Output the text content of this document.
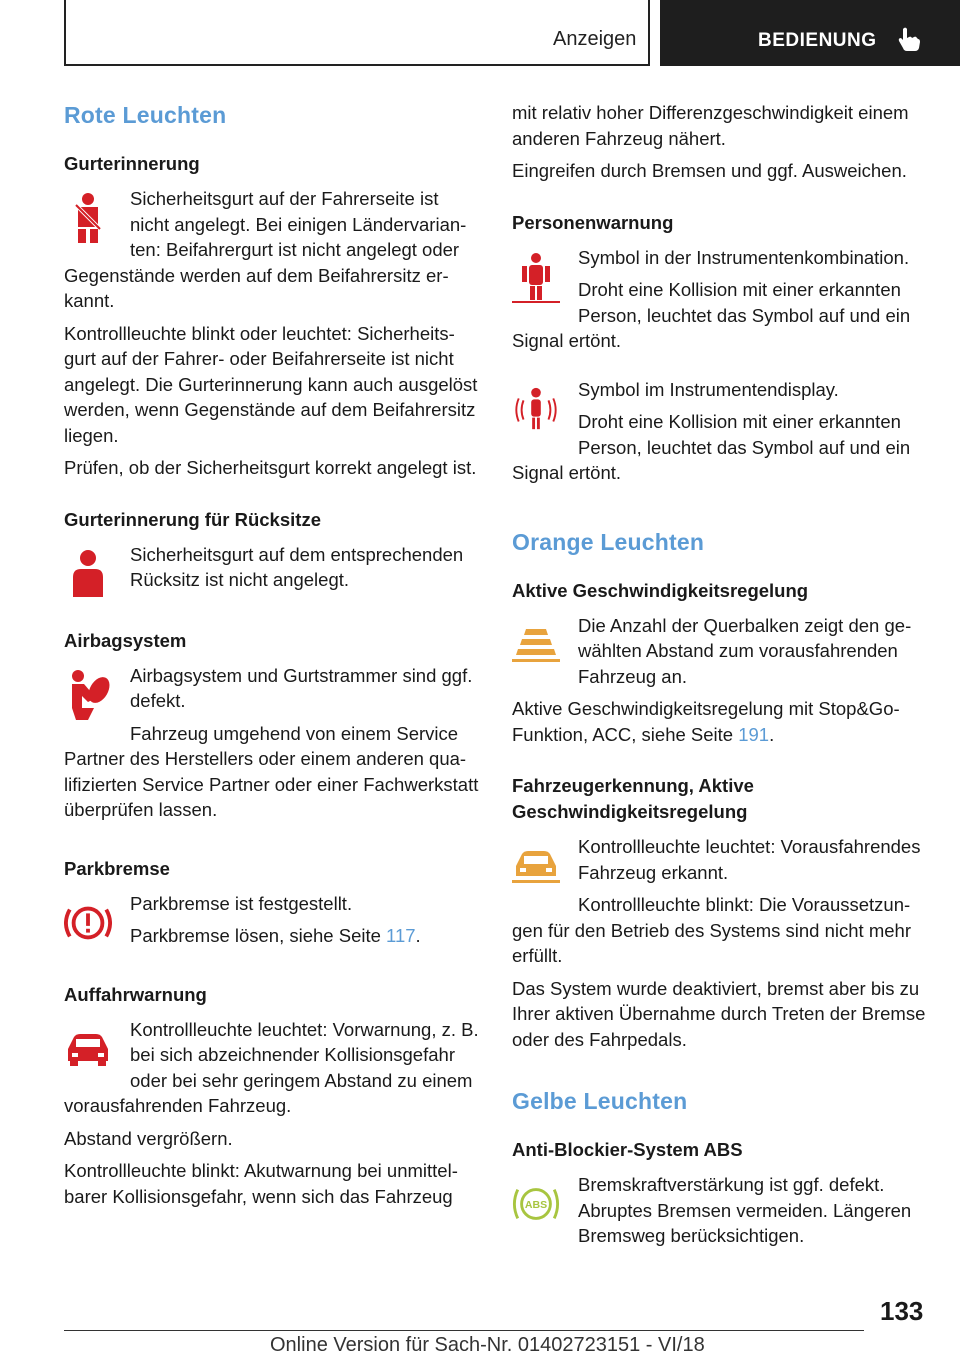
Anzeigen	BEDIENUNG
Rote Leuchten
Gurterinnerung

Sicherheitsgurt auf der Fahrerseite ist nicht angelegt. Bei einigen Ländervarianten: Beifahrergurt ist nicht angelegt oder Gegenstände werden auf dem Beifahrersitz erkannt.

Kontrollleuchte blinkt oder leuchtet: Sicherheitsgurt auf der Fahrer- oder Beifahrerseite ist nicht angelegt. Die Gurterinnerung kann auch ausgelöst werden, wenn Gegenstände auf dem Beifahrersitz liegen.

Prüfen, ob der Sicherheitsgurt korrekt angelegt ist.

Gurterinnerung für Rücksitze

Sicherheitsgurt auf dem entsprechenden Rücksitz ist nicht angelegt.

Airbagsystem

Airbagsystem und Gurtstrammer sind ggf. defekt.

Fahrzeug umgehend von einem Service Partner des Herstellers oder einem anderen qualifizierten Service Partner oder einer Fachwerkstatt überprüfen lassen.

Parkbremse

Parkbremse ist festgestellt.

Parkbremse lösen, siehe Seite 117.

Auffahrwarnung

Kontrollleuchte leuchtet: Vorwarnung, z. B. bei sich abzeichnender Kollisionsgefahr oder bei sehr geringem Abstand zu einem vorausfahrenden Fahrzeug.

Abstand vergrößern.

Kontrollleuchte blinkt: Akutwarnung bei unmittelbarer Kollisionsgefahr, wenn sich das Fahrzeug

mit relativ hoher Differenzgeschwindigkeit einem anderen Fahrzeug nähert.

Eingreifen durch Bremsen und ggf. Ausweichen.

Personenwarnung

Symbol in der Instrumentenkombination.

Droht eine Kollision mit einer erkannten Person, leuchtet das Symbol auf und ein Signal ertönt.

Symbol im Instrumentendisplay.

Droht eine Kollision mit einer erkannten Person, leuchtet das Symbol auf und ein Signal ertönt.

Orange Leuchten
Aktive Geschwindigkeitsregelung

Die Anzahl der Querbalken zeigt den gewählten Abstand zum vorausfahrenden Fahrzeug an.

Aktive Geschwindigkeitsregelung mit Stop&Go-Funktion, ACC, siehe Seite 191.

Fahrzeugerkennung, Aktive Geschwindigkeitsregelung

Kontrollleuchte leuchtet: Vorausfahrendes Fahrzeug erkannt.

Kontrollleuchte blinkt: Die Voraussetzungen für den Betrieb des Systems sind nicht mehr erfüllt.

Das System wurde deaktiviert, bremst aber bis zu Ihrer aktiven Übernahme durch Treten der Bremse oder des Fahrpedals.

Gelbe Leuchten
Anti-Blockier-System ABS
ABS

Bremskraftverstärkung ist ggf. defekt. Abruptes Bremsen vermeiden. Längeren Bremsweg berücksichtigen.

133
Online Version für Sach-Nr. 01402723151 - VI/18
